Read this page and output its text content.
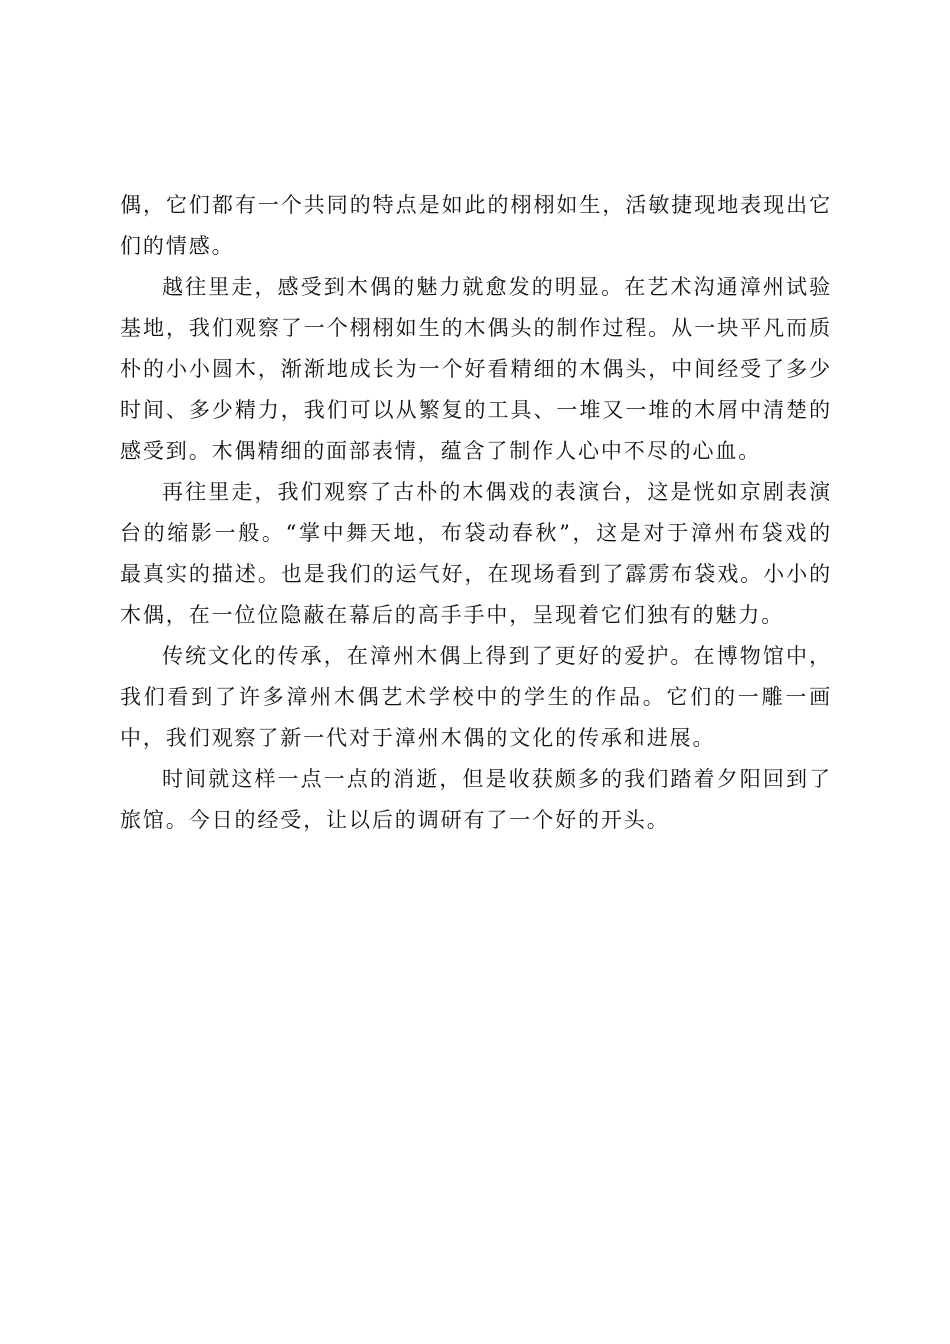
偶，它们都有一个共同的特点是如此的栩栩如生，活敏捷现地表现出它们的情感。

越往里走，感受到木偶的魅力就愈发的明显。在艺术沟通漳州试验基地，我们观察了一个栩栩如生的木偶头的制作过程。从一块平凡而质朴的小小圆木，渐渐地成长为一个好看精细的木偶头，中间经受了多少时间、多少精力，我们可以从繁复的工具、一堆又一堆的木屑中清楚的感受到。木偶精细的面部表情，蕴含了制作人心中不尽的心血。

再往里走，我们观察了古朴的木偶戏的表演台，这是恍如京剧表演台的缩影一般。“掌中舞天地，布袋动春秋”，这是对于漳州布袋戏的最真实的描述。也是我们的运气好，在现场看到了霹雳布袋戏。小小的木偶，在一位位隐蔽在幕后的高手手中，呈现着它们独有的魅力。

传统文化的传承，在漳州木偶上得到了更好的爱护。在博物馆中，我们看到了许多漳州木偶艺术学校中的学生的作品。它们的一雕一画中，我们观察了新一代对于漳州木偶的文化的传承和进展。

时间就这样一点一点的消逝，但是收获颇多的我们踏着夕阳回到了旅馆。今日的经受，让以后的调研有了一个好的开头。
